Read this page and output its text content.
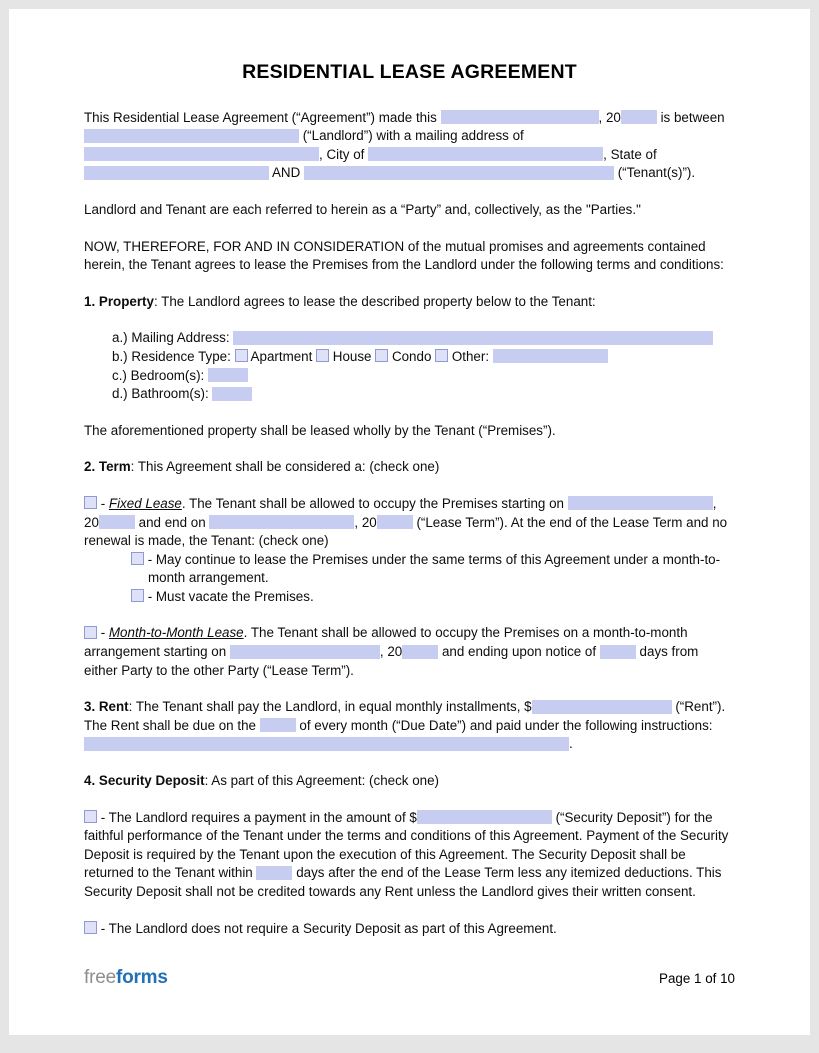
RESIDENTIAL LEASE AGREEMENT

This Residential Lease Agreement (“Agreement”) made this	, 20	is between  (“Landlord”) with a mailing address of , City of	, State of  AND	(“Tenant(s)”).

Landlord and Tenant are each referred to herein as a “Party” and, collectively, as the "Parties."

NOW, THEREFORE, FOR AND IN CONSIDERATION of the mutual promises and agreements contained herein, the Tenant agrees to lease the Premises from the Landlord under the following terms and conditions:

1. Property: The Landlord agrees to lease the described property below to the Tenant:

a.) Mailing Address:
b.) Residence Type:  Apartment  House  Condo  Other:
c.) Bedroom(s):
d.) Bathroom(s):

The aforementioned property shall be leased wholly by the Tenant (“Premises”).

2. Term: This Agreement shall be considered a: (check one)

- Fixed Lease. The Tenant shall be allowed to occupy the Premises starting on	, 20	and end on	, 20	(“Lease Term”). At the end of the Lease Term and no renewal is made, the Tenant: (check one)

- May continue to lease the Premises under the same terms of this Agreement under a month-to-month arrangement.
- Must vacate the Premises.

- Month-to-Month Lease. The Tenant shall be allowed to occupy the Premises on a month-to-month arrangement starting on	, 20	and ending upon notice of	days from either Party to the other Party (“Lease Term”).

3. Rent: The Tenant shall pay the Landlord, in equal monthly installments, $	(“Rent”). The Rent shall be due on the	of every month (“Due Date”) and paid under the following instructions: .

4. Security Deposit: As part of this Agreement: (check one)

- The Landlord requires a payment in the amount of $	(“Security Deposit”) for the faithful performance of the Tenant under the terms and conditions of this Agreement. Payment of the Security Deposit is required by the Tenant upon the execution of this Agreement. The Security Deposit shall be returned to the Tenant within	days after the end of the Lease Term less any itemized deductions. This Security Deposit shall not be credited towards any Rent unless the Landlord gives their written consent.

- The Landlord does not require a Security Deposit as part of this Agreement.

freeforms	Page 1 of 10
